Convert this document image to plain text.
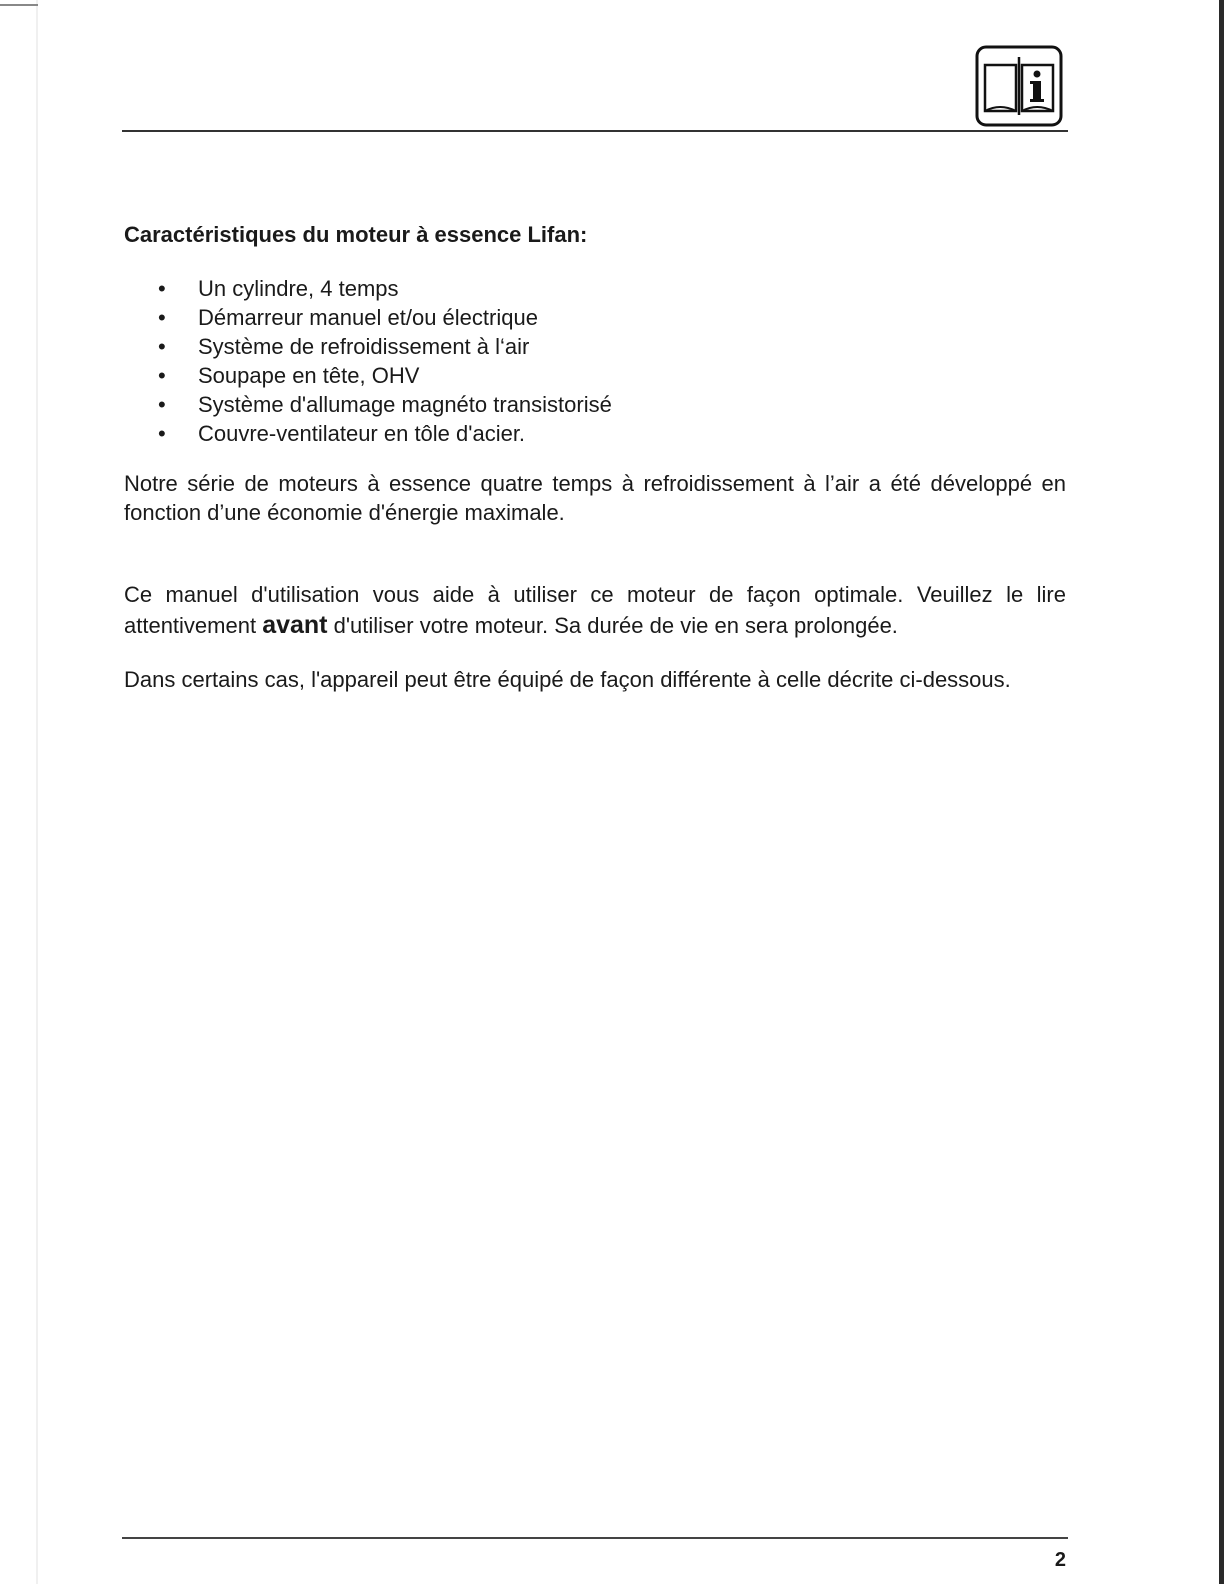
Caractéristiques du moteur à essence Lifan:
• Un cylindre, 4 temps
• Démarreur manuel et/ou électrique
• Système de refroidissement à l‘air
• Soupape en tête, OHV
• Système d'allumage magnéto transistorisé
• Couvre-ventilateur en tôle d'acier.

Notre série de moteurs à essence quatre temps à refroidissement à l’air a été développé en fonction d’une économie d'énergie maximale.

Ce manuel d'utilisation vous aide à utiliser ce moteur de façon optimale. Veuillez le lire attentivement avant d'utiliser votre moteur. Sa durée de vie en sera prolongée.

Dans certains cas, l'appareil peut être équipé de façon différente à celle décrite ci-dessous.

2
